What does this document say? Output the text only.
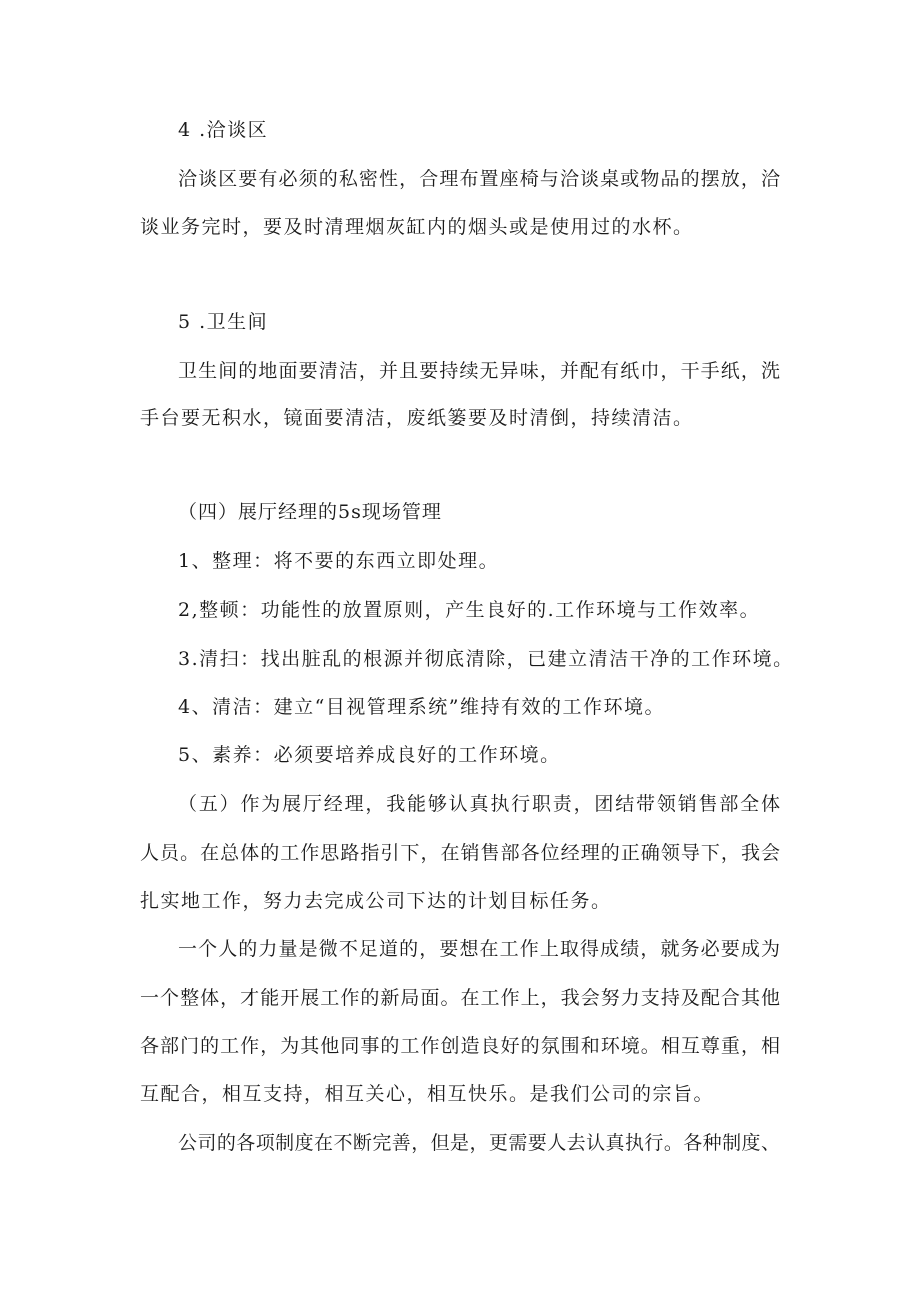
4 .洽谈区
洽谈区要有必须的私密性，合理布置座椅与洽谈桌或物品的摆放，洽
谈业务完时，要及时清理烟灰缸内的烟头或是使用过的水杯。
5 .卫生间
卫生间的地面要清洁，并且要持续无异味，并配有纸巾，干手纸，洗
手台要无积水，镜面要清洁，废纸篓要及时清倒，持续清洁。
（四）展厅经理的5s现场管理
1、整理：将不要的东西立即处理。
2,整顿：功能性的放置原则，产生良好的.工作环境与工作效率。
3.清扫：找出脏乱的根源并彻底清除，已建立清洁干净的工作环境。
4、清洁：建立“目视管理系统”维持有效的工作环境。
5、素养：必须要培养成良好的工作环境。
（五）作为展厅经理，我能够认真执行职责，团结带领销售部全体
人员。在总体的工作思路指引下，在销售部各位经理的正确领导下，我会
扎实地工作，努力去完成公司下达的计划目标任务。
一个人的力量是微不足道的，要想在工作上取得成绩，就务必要成为
一个整体，才能开展工作的新局面。在工作上，我会努力支持及配合其他
各部门的工作，为其他同事的工作创造良好的氛围和环境。相互尊重，相
互配合，相互支持，相互关心，相互快乐。是我们公司的宗旨。
公司的各项制度在不断完善，但是，更需要人去认真执行。各种制度、
